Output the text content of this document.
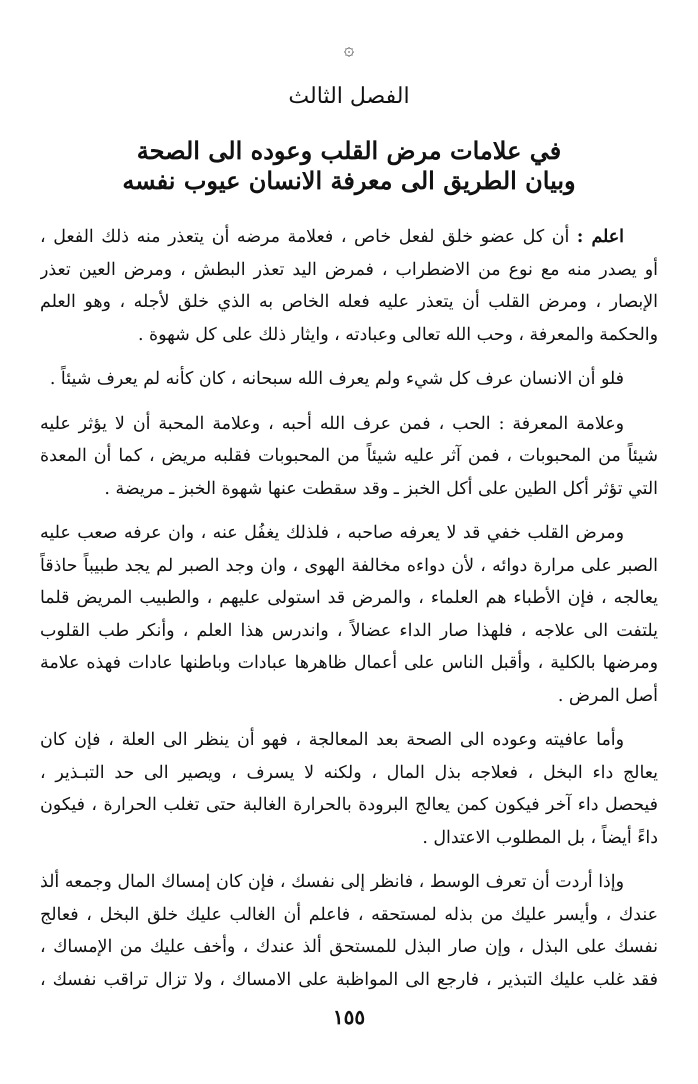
۞
الفصل الثالث
في علامات مرض القلب وعوده الى الصحة
وبيان الطريق الى معرفة الانسان عيوب نفسه
اعلم : أن كل عضو خلق لفعل خاص ، فعلامة مرضه أن يتعذر منه ذلك الفعل ،
أو يصدر منه مع نوع من الاضطراب ، فمرض اليد تعذر البطش ، ومرض العين تعذر
الإبصار ، ومرض القلب أن يتعذر عليه فعله الخاص به الذي خلق لأجله ، وهو العلم
والحكمة والمعرفة ، وحب الله تعالى وعبادته ، وايثار ذلك على كل شهوة .
فلو أن الانسان عرف كل شيء ولم يعرف الله سبحانه ، كان كأنه لم يعرف شيئاً .
وعلامة المعرفة : الحب ، فمن عرف الله أحبه ، وعلامة المحبة أن لا يؤثر عليه
شيئاً من المحبوبات ، فمن آثر عليه شيئاً من المحبوبات فقلبه مريض ، كما أن المعدة
التي تؤثر أكل الطين على أكل الخبز ـ وقد سقطت عنها شهوة الخبز ـ مريضة .
ومرض القلب خفي قد لا يعرفه صاحبه ، فلذلك يغفُل عنه ، وان عرفه صعب عليه
الصبر على مرارة دوائه ، لأن دواءه مخالفة الهوى ، وان وجد الصبر لم يجد طبيباً حاذقاً
يعالجه ، فإن الأطباء هم العلماء ، والمرض قد استولى عليهم ، والطبيب المريض قلما
يلتفت الى علاجه ، فلهذا صار الداء عضالاً ، واندرس هذا العلم ، وأنكر طب القلوب
ومرضها بالكلية ، وأقبل الناس على أعمال ظاهرها عبادات وباطنها عادات فهذه علامة
أصل المرض .
وأما عافيته وعوده الى الصحة بعد المعالجة ، فهو أن ينظر الى العلة ، فإن كان
يعالج داء البخل ، فعلاجه بذل المال ، ولكنه لا يسرف ، ويصير الى حد التبـذير ،
فيحصل داء آخر فيكون كمن يعالج البرودة بالحرارة الغالبة حتى تغلب الحرارة ، فيكون
داءً أيضاً ، بل المطلوب الاعتدال .
وإذا أردت أن تعرف الوسط ، فانظر إلى نفسك ، فإن كان إمساك المال وجمعه ألذ
عندك ، وأيسر عليك من بذله لمستحقه ، فاعلم أن الغالب عليك خلق البخل ، فعالج
نفسك على البذل ، وإن صار البذل للمستحق ألذ عندك ، وأخف عليك من الإمساك ،
فقد غلب عليك التبذير ، فارجع الى المواظبة على الامساك ، ولا تزال تراقب نفسك ،
١٥٥
